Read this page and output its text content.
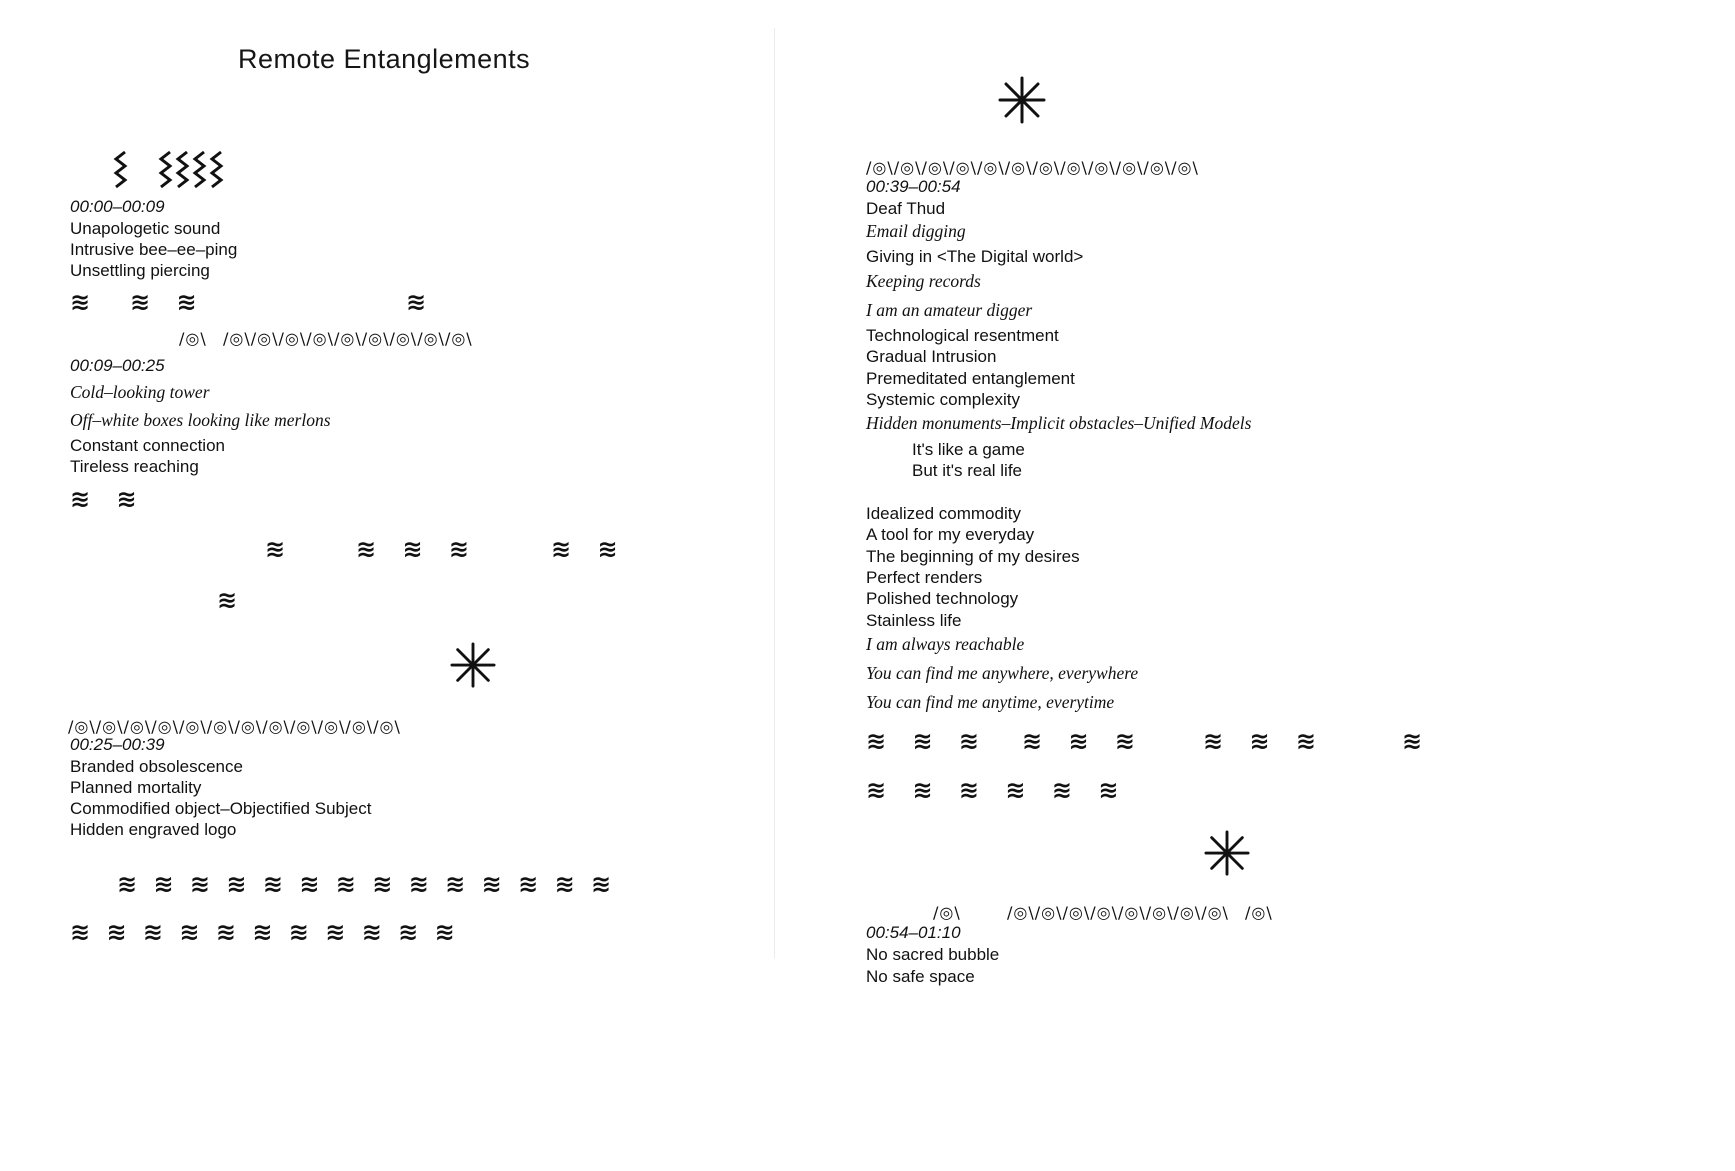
Remote Entanglements
00:00–00:09
Unapologetic sound
Intrusive bee–ee–ping
Unsettling piercing
≋ ≋ ≋	≋
/◎\ /◎\/◎\/◎\/◎\/◎\/◎\/◎\/◎\/◎\
00:09–00:25
Cold–looking tower
Off–white boxes looking like merlons
Constant connection
Tireless reaching
≋ ≋
≋	≋ ≋ ≋	≋ ≋
≋
/◎\/◎\/◎\/◎\/◎\/◎\/◎\/◎\/◎\/◎\/◎\/◎\
00:25–00:39
Branded obsolescence
Planned mortality
Commodified object–Objectified Subject
Hidden engraved logo
≋ ≋ ≋ ≋ ≋ ≋ ≋ ≋ ≋ ≋ ≋ ≋ ≋ ≋
≋ ≋ ≋ ≋ ≋ ≋ ≋ ≋ ≋ ≋ ≋
/◎\/◎\/◎\/◎\/◎\/◎\/◎\/◎\/◎\/◎\/◎\/◎\
00:39–00:54
Deaf Thud
Email digging
Giving in <The Digital world>
Keeping records
I am an amateur digger
Technological resentment
Gradual Intrusion
Premeditated entanglement
Systemic complexity
Hidden monuments–Implicit obstacles–Unified Models
It's like a game
But it's real life
Idealized commodity
A tool for my everyday
The beginning of my desires
Perfect renders
Polished technology
Stainless life
I am always reachable
You can find me anywhere, everywhere
You can find me anytime, everytime
≋ ≋ ≋ ≋ ≋ ≋	≋ ≋ ≋	≋
≋ ≋ ≋ ≋ ≋ ≋
/◎\	/◎\/◎\/◎\/◎\/◎\/◎\/◎\/◎\ /◎\
00:54–01:10
No sacred bubble
No safe space
